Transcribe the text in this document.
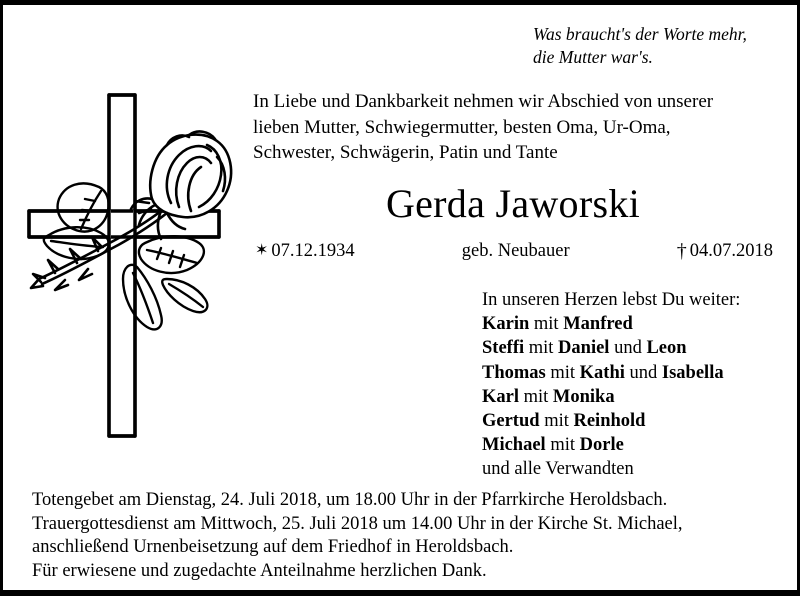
Was braucht's der Worte mehr,
die Mutter war's.
In Liebe und Dankbarkeit nehmen wir Abschied von unserer
lieben Mutter, Schwiegermutter, besten Oma, Ur-Oma,
Schwester, Schwägerin, Patin und Tante
Gerda Jaworski
✶ 07.12.1934	geb. Neubauer	† 04.07.2018
In unseren Herzen lebst Du weiter:
Karin mit Manfred
Steffi mit Daniel und Leon
Thomas mit Kathi und Isabella
Karl mit Monika
Gertud mit Reinhold
Michael mit Dorle
und alle Verwandten
Totengebet am Dienstag, 24. Juli 2018, um 18.00 Uhr in der Pfarrkirche Heroldsbach.
Trauergottesdienst am Mittwoch, 25. Juli 2018 um 14.00 Uhr in der Kirche St. Michael,
anschließend Urnenbeisetzung auf dem Friedhof in Heroldsbach.
Für erwiesene und zugedachte Anteilnahme herzlichen Dank.
